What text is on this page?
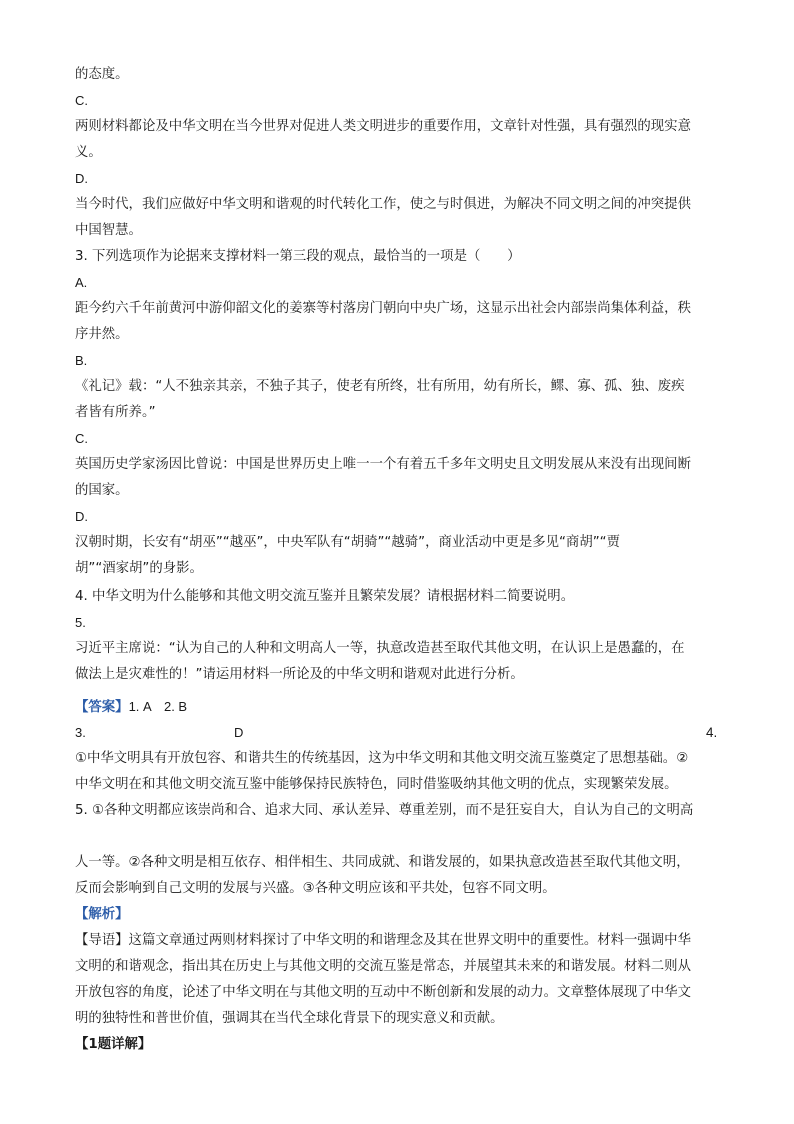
的态度。
C.
两则材料都论及中华文明在当今世界对促进人类文明进步的重要作用，文章针对性强，具有强烈的现实意
义。
D.
当今时代，我们应做好中华文明和谐观的时代转化工作，使之与时俱进，为解决不同文明之间的冲突提供
中国智慧。
3. 下列选项作为论据来支撑材料一第三段的观点，最恰当的一项是（　　）
A.
距今约六千年前黄河中游仰韶文化的姜寨等村落房门朝向中央广场，这显示出社会内部崇尚集体利益，秩
序井然。
B.
《礼记》载：“人不独亲其亲，不独子其子，使老有所终，壮有所用，幼有所长，鳏、寡、孤、独、废疾
者皆有所养。”
C.
英国历史学家汤因比曾说：中国是世界历史上唯一一个有着五千多年文明史且文明发展从来没有出现间断
的国家。
D.
汉朝时期，长安有“胡巫”“越巫”，中央军队有“胡骑”“越骑”，商业活动中更是多见“商胡”“贾
胡”“酒家胡”的身影。
4. 中华文明为什么能够和其他文明交流互鉴并且繁荣发展？请根据材料二简要说明。
5.
习近平主席说：“认为自己的人种和文明高人一等，执意改造甚至取代其他文明，在认识上是愚蠢的，在
做法上是灾难性的！”请运用材料一所论及的中华文明和谐观对此进行分析。
【答案】1. A　2. B
3.	D	4.
①中华文明具有开放包容、和谐共生的传统基因，这为中华文明和其他文明交流互鉴奠定了思想基础。②
中华文明在和其他文明交流互鉴中能够保持民族特色，同时借鉴吸纳其他文明的优点，实现繁荣发展。
5. ①各种文明都应该崇尚和合、追求大同、承认差异、尊重差别，而不是狂妄自大，自认为自己的文明高
人一等。②各种文明是相互依存、相伴相生、共同成就、和谐发展的，如果执意改造甚至取代其他文明，
反而会影响到自己文明的发展与兴盛。③各种文明应该和平共处，包容不同文明。
【解析】
【导语】这篇文章通过两则材料探讨了中华文明的和谐理念及其在世界文明中的重要性。材料一强调中华
文明的和谐观念，指出其在历史上与其他文明的交流互鉴是常态，并展望其未来的和谐发展。材料二则从
开放包容的角度，论述了中华文明在与其他文明的互动中不断创新和发展的动力。文章整体展现了中华文
明的独特性和普世价值，强调其在当代全球化背景下的现实意义和贡献。
【1题详解】
